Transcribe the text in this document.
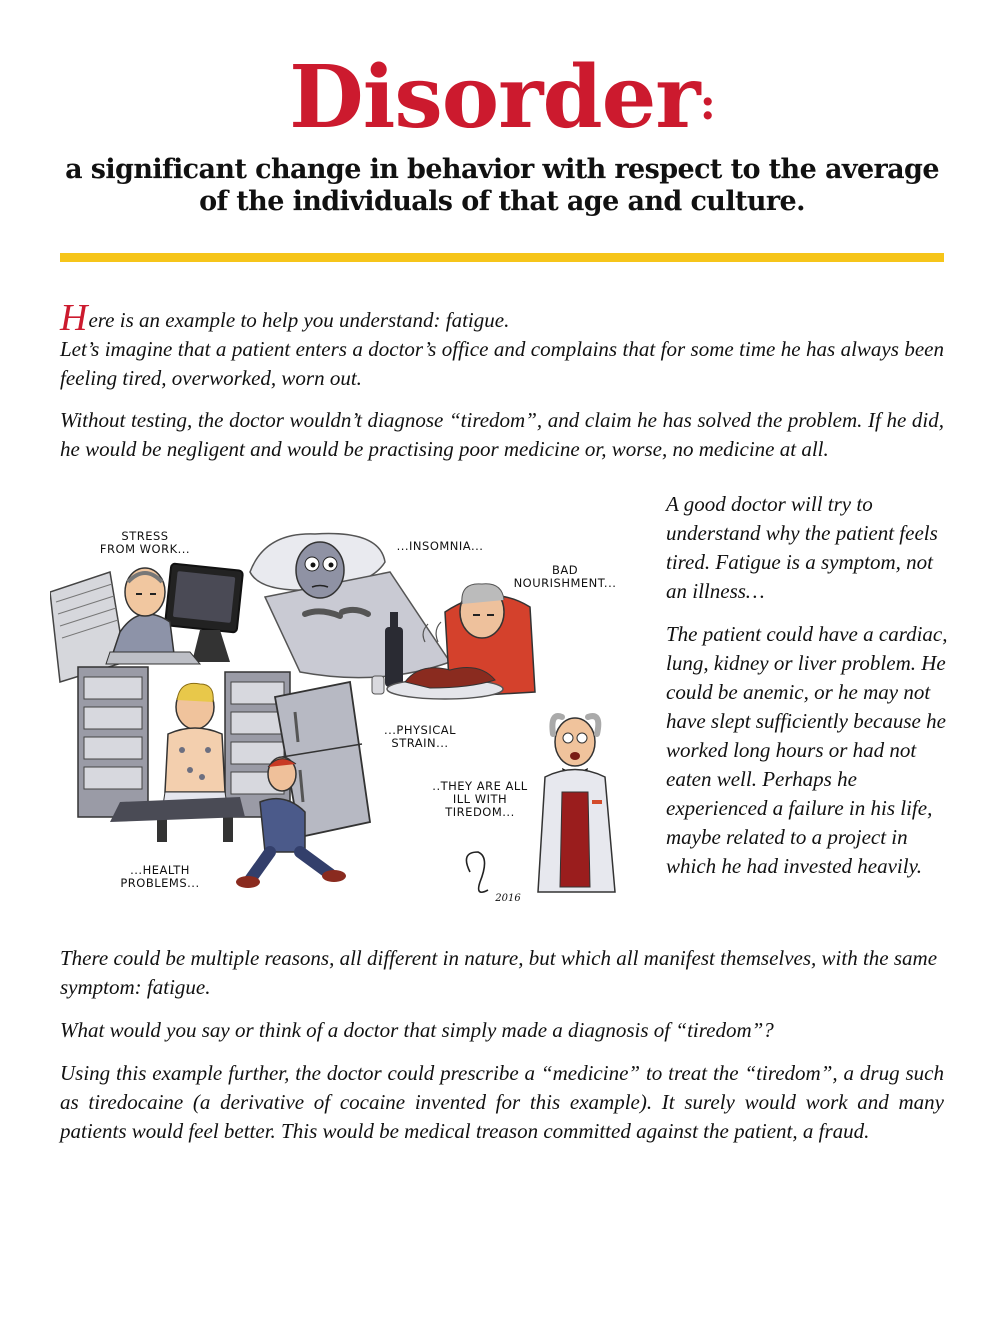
Disorder:

a significant change in behavior with respect to the average of the individuals of that age and culture.

Here is an example to help you understand: fatigue.

Let’s imagine that a patient enters a doctor’s office and complains that for some time he has always been feeling tired, overworked, worn out.

Without testing, the doctor wouldn’t diagnose “tiredom”, and claim he has solved the problem. If he did, he would be negligent and would be practising poor medicine or, worse, no medicine at all.

A good doctor will try to understand why the patient feels tired. Fatigue is a symptom, not an illness…

The patient could have a cardiac, lung, kidney or liver problem. He could be anemic, or he may not have slept sufficiently because he worked long hours or had not eaten well. Perhaps he experienced a failure in his life, maybe related to a project in which he had invested heavily.

STRESS
FROM WORK...	...INSOMNIA...
BAD
NOURISHMENT...
...PHYSICAL
STRAIN...
..THEY ARE ALL
ILL WITH
TIREDOM...
...HEALTH
PROBLEMS...
2016

There could be multiple reasons, all different in nature, but which all manifest themselves, with the same symptom: fatigue.

What would you say or think of a doctor that simply made a diagnosis of “tiredom”?

Using this example further, the doctor could prescribe a “medicine” to treat the “tiredom”, a drug such as tiredocaine (a derivative of cocaine invented for this example). It surely would work and many patients would feel better. This would be medical treason committed against the patient, a fraud.
